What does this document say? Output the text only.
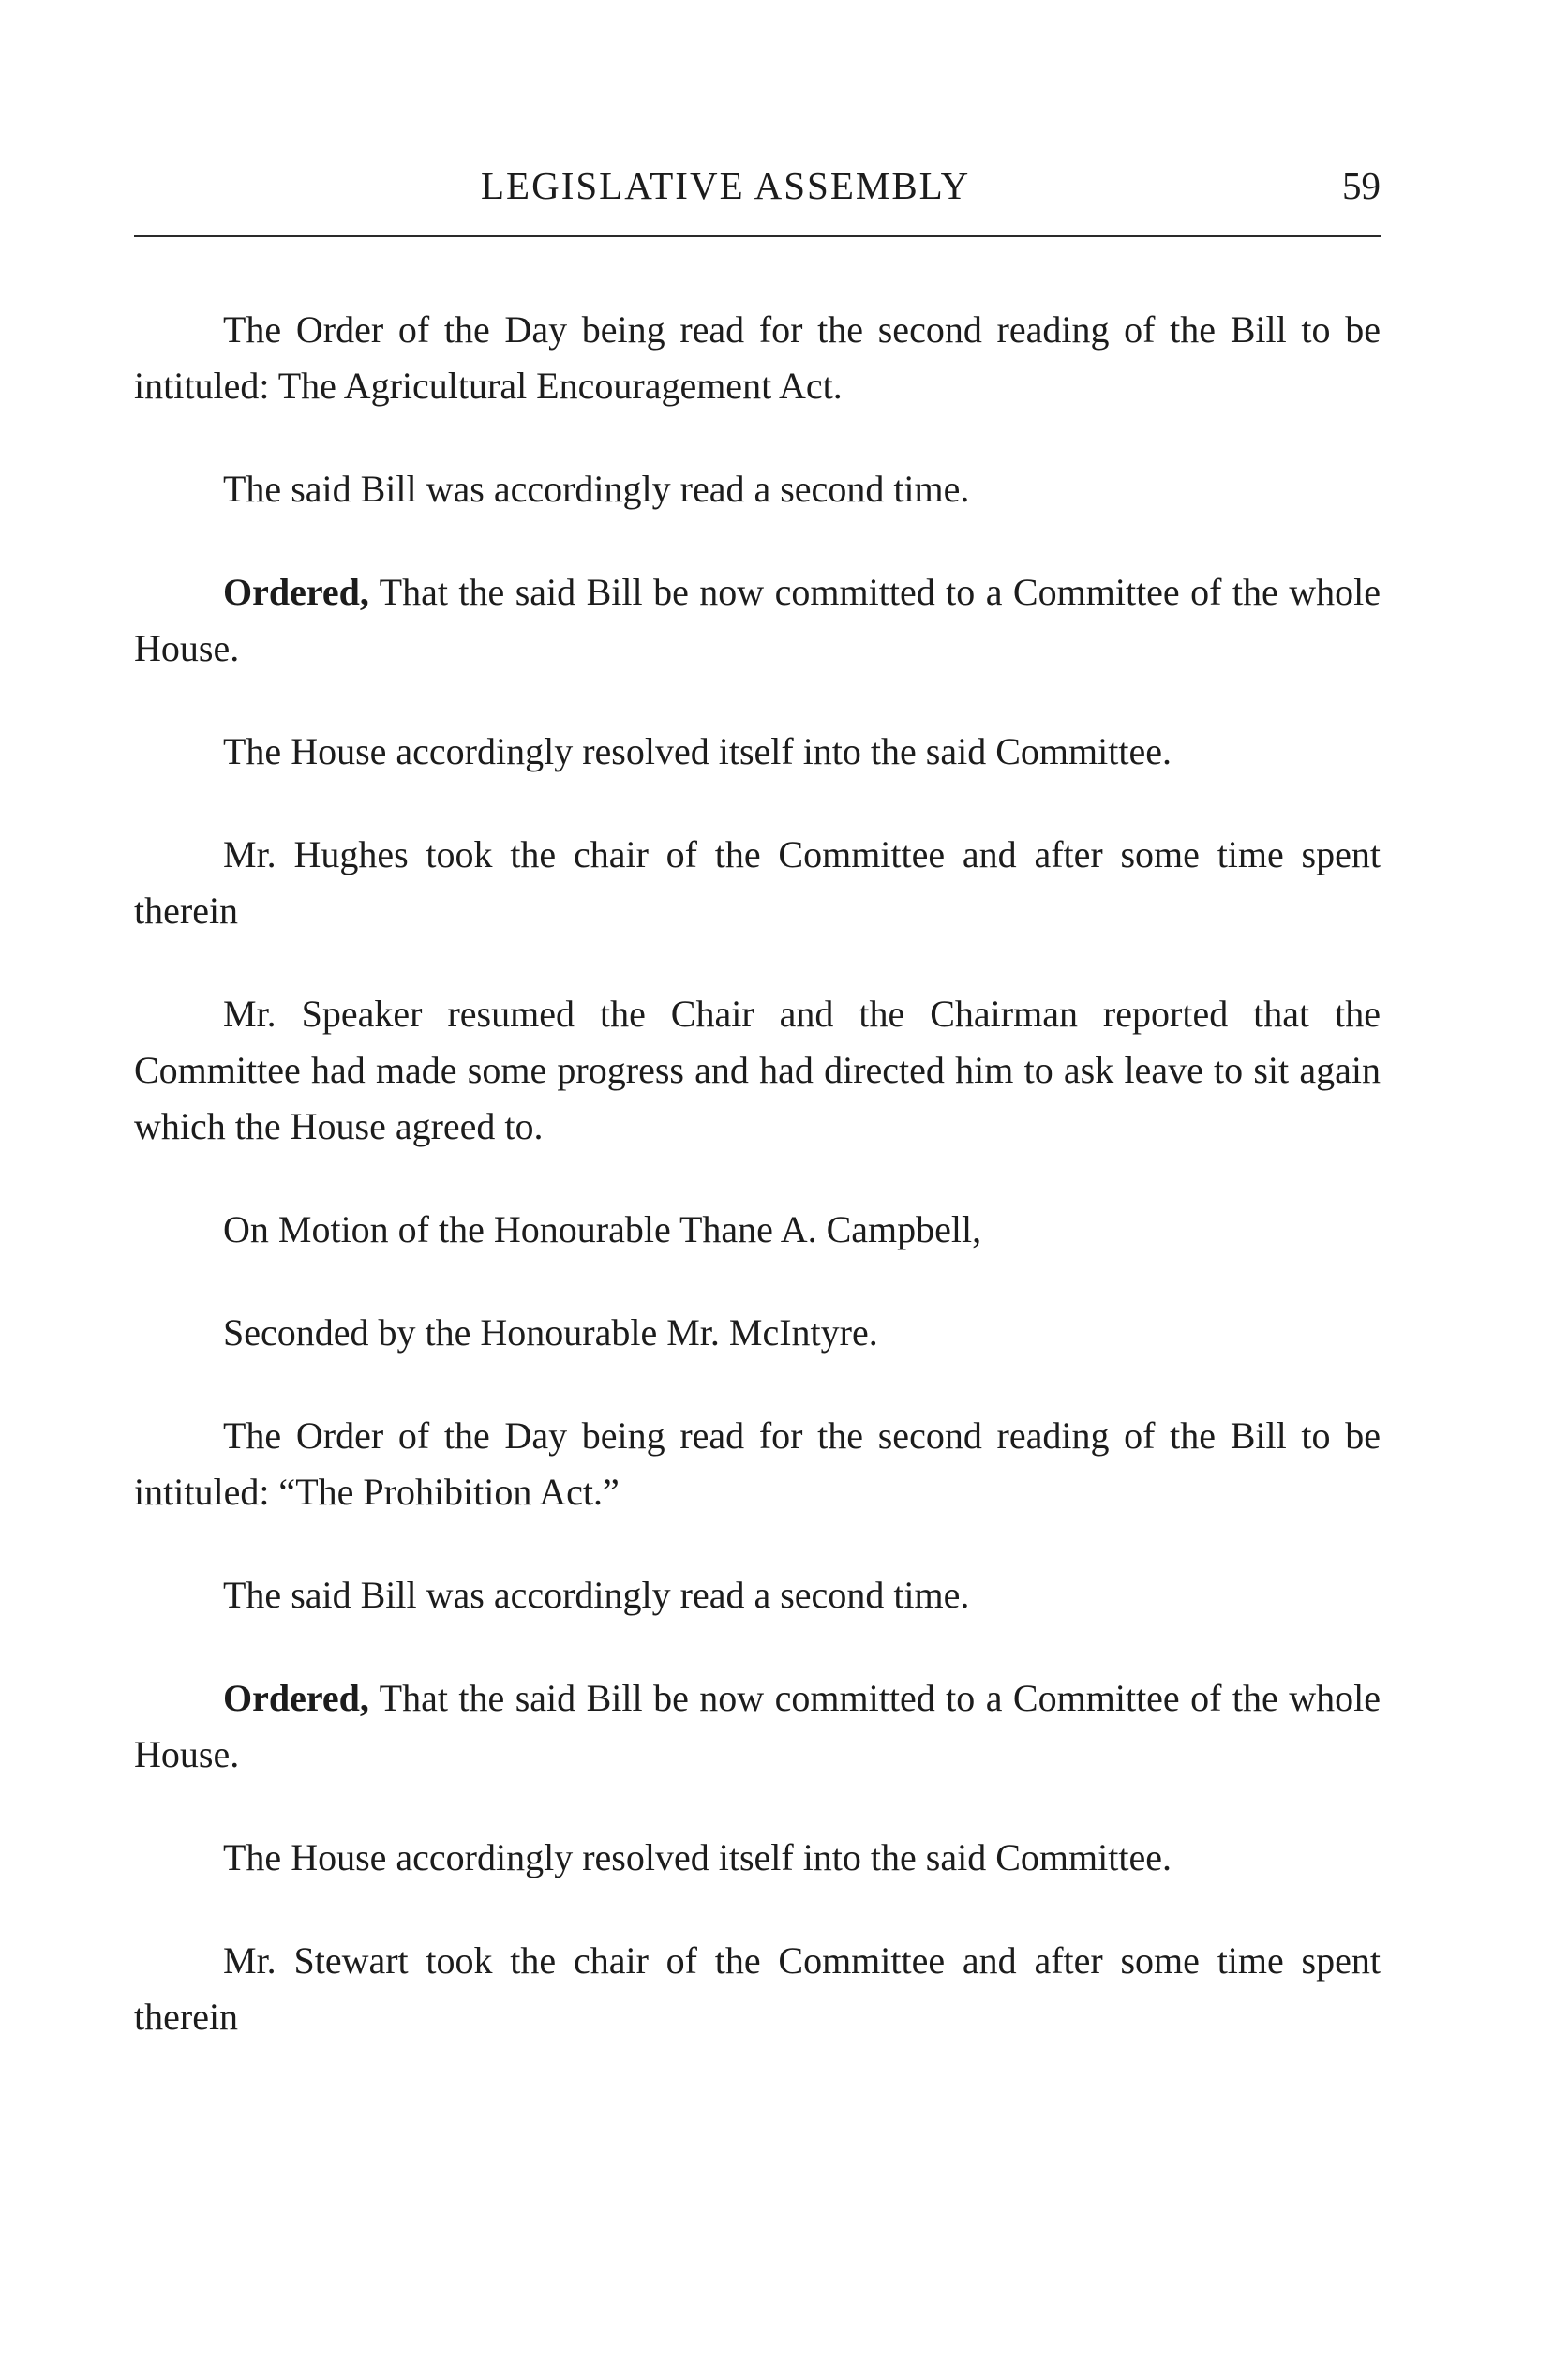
LEGISLATIVE ASSEMBLY	59

The Order of the Day being read for the second reading of the Bill to be intituled: The Agricultural Encouragement Act.

The said Bill was accordingly read a second time.

Ordered, That the said Bill be now committed to a Committee of the whole House.

The House accordingly resolved itself into the said Committee.

Mr. Hughes took the chair of the Committee and after some time spent therein

Mr. Speaker resumed the Chair and the Chairman reported that the Committee had made some progress and had directed him to ask leave to sit again which the House agreed to.

On Motion of the Honourable Thane A. Campbell,

Seconded by the Honourable Mr. McIntyre.

The Order of the Day being read for the second reading of the Bill to be intituled: “The Prohibition Act.”

The said Bill was accordingly read a second time.

Ordered, That the said Bill be now committed to a Committee of the whole House.

The House accordingly resolved itself into the said Committee.

Mr. Stewart took the chair of the Committee and after some time spent therein
